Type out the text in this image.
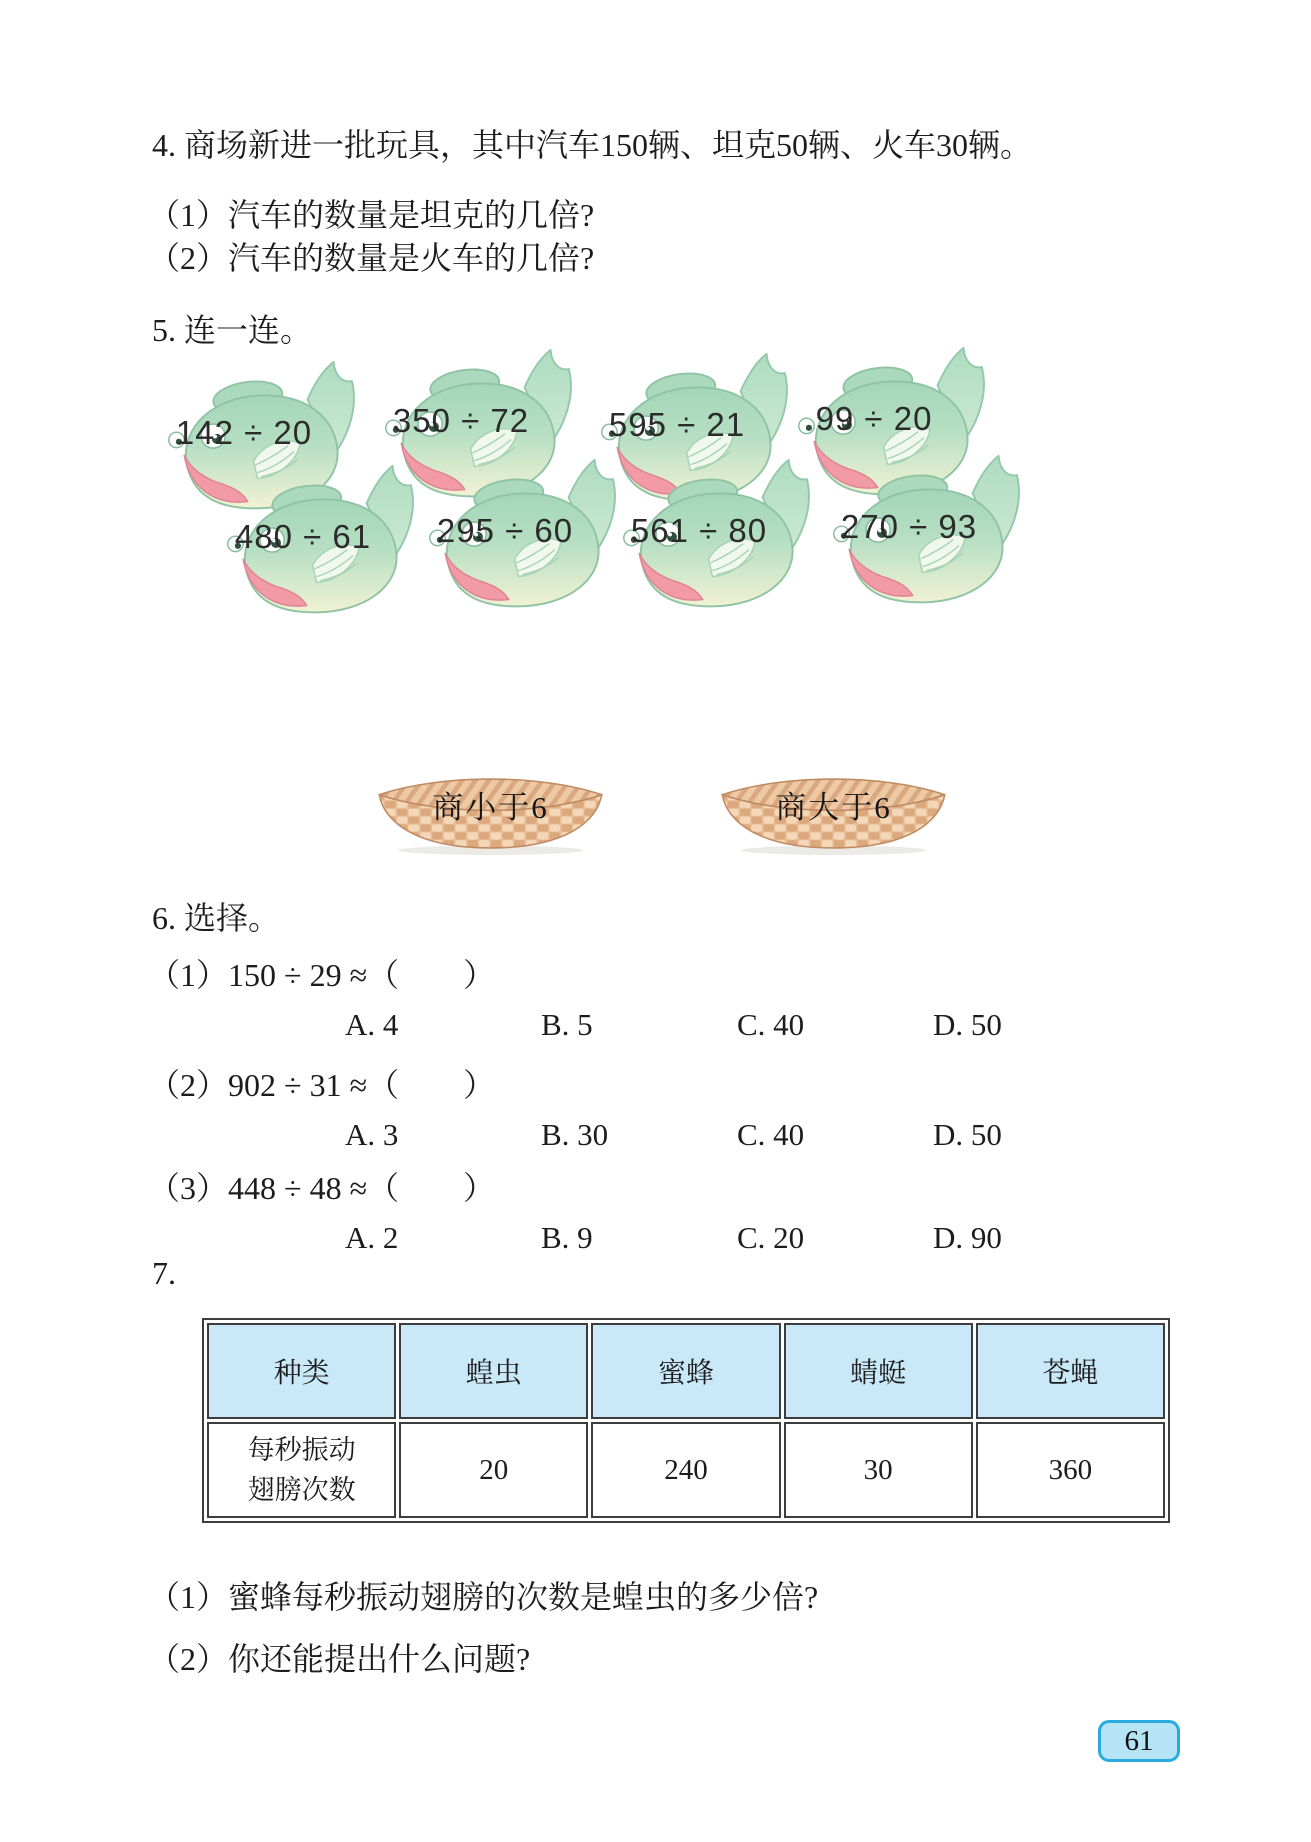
4. 商场新进一批玩具，其中汽车150辆、坦克50辆、火车30辆。
（1）汽车的数量是坦克的几倍?
（2）汽车的数量是火车的几倍?
5. 连一连。
142 ÷ 20 350 ÷ 72 595 ÷ 21	99 ÷ 20
480 ÷ 61 295 ÷ 60 561 ÷ 80 270 ÷ 93
商小于6	商大于6
6. 选择。
（1）150 ÷ 29 ≈（　　）
A. 4	B. 5	C. 40	D. 50
（2）902 ÷ 31 ≈（　　）
A. 3	B. 30	C. 40	D. 50
（3）448 ÷ 48 ≈（　　）
A. 2	B. 9	C. 20	D. 90
7.
种类	蝗虫	蜜蜂	蜻蜓	苍蝇

每秒振动
翅膀次数	20	240	30	360
（1）蜜蜂每秒振动翅膀的次数是蝗虫的多少倍?
（2）你还能提出什么问题?
61
